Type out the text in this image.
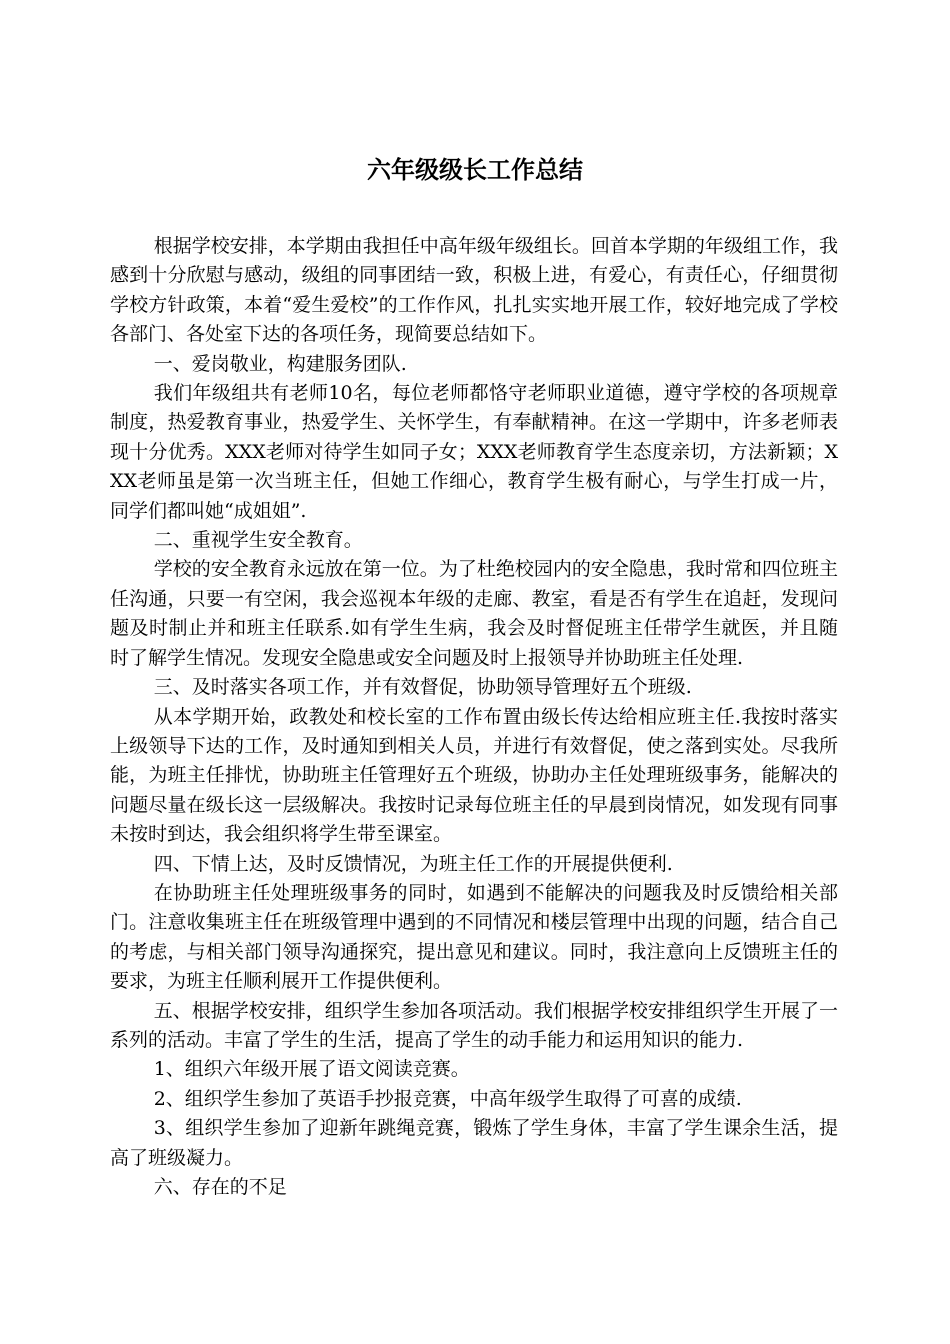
六年级级长工作总结

根据学校安排，本学期由我担任中高年级年级组长。回首本学期的年级组工作，我感到十分欣慰与感动，级组的同事团结一致，积极上进，有爱心，有责任心，仔细贯彻学校方针政策，本着“爱生爱校”的工作作风，扎扎实实地开展工作，较好地完成了学校各部门、各处室下达的各项任务，现简要总结如下。

一、爱岗敬业，构建服务团队.

我们年级组共有老师10名，每位老师都恪守老师职业道德，遵守学校的各项规章制度，热爱教育事业，热爱学生、关怀学生，有奉献精神。在这一学期中，许多老师表现十分优秀。XXX老师对待学生如同子女；XXX老师教育学生态度亲切，方法新颖；XXX老师虽是第一次当班主任，但她工作细心，教育学生极有耐心，与学生打成一片，同学们都叫她“成姐姐”.

二、重视学生安全教育。

学校的安全教育永远放在第一位。为了杜绝校园内的安全隐患，我时常和四位班主任沟通，只要一有空闲，我会巡视本年级的走廊、教室，看是否有学生在追赶，发现问题及时制止并和班主任联系.如有学生生病，我会及时督促班主任带学生就医，并且随时了解学生情况。发现安全隐患或安全问题及时上报领导并协助班主任处理.

三、及时落实各项工作，并有效督促，协助领导管理好五个班级.

从本学期开始，政教处和校长室的工作布置由级长传达给相应班主任.我按时落实上级领导下达的工作，及时通知到相关人员，并进行有效督促，使之落到实处。尽我所能，为班主任排忧，协助班主任管理好五个班级，协助办主任处理班级事务，能解决的问题尽量在级长这一层级解决。我按时记录每位班主任的早晨到岗情况，如发现有同事未按时到达，我会组织将学生带至课室。

四、下情上达，及时反馈情况，为班主任工作的开展提供便利.

在协助班主任处理班级事务的同时，如遇到不能解决的问题我及时反馈给相关部门。注意收集班主任在班级管理中遇到的不同情况和楼层管理中出现的问题，结合自己的考虑，与相关部门领导沟通探究，提出意见和建议。同时，我注意向上反馈班主任的要求，为班主任顺利展开工作提供便利。

五、根据学校安排，组织学生参加各项活动。我们根据学校安排组织学生开展了一系列的活动。丰富了学生的生活，提高了学生的动手能力和运用知识的能力.

1、组织六年级开展了语文阅读竞赛。

2、组织学生参加了英语手抄报竞赛，中高年级学生取得了可喜的成绩.

3、组织学生参加了迎新年跳绳竞赛，锻炼了学生身体，丰富了学生课余生活，提高了班级凝力。

六、存在的不足
